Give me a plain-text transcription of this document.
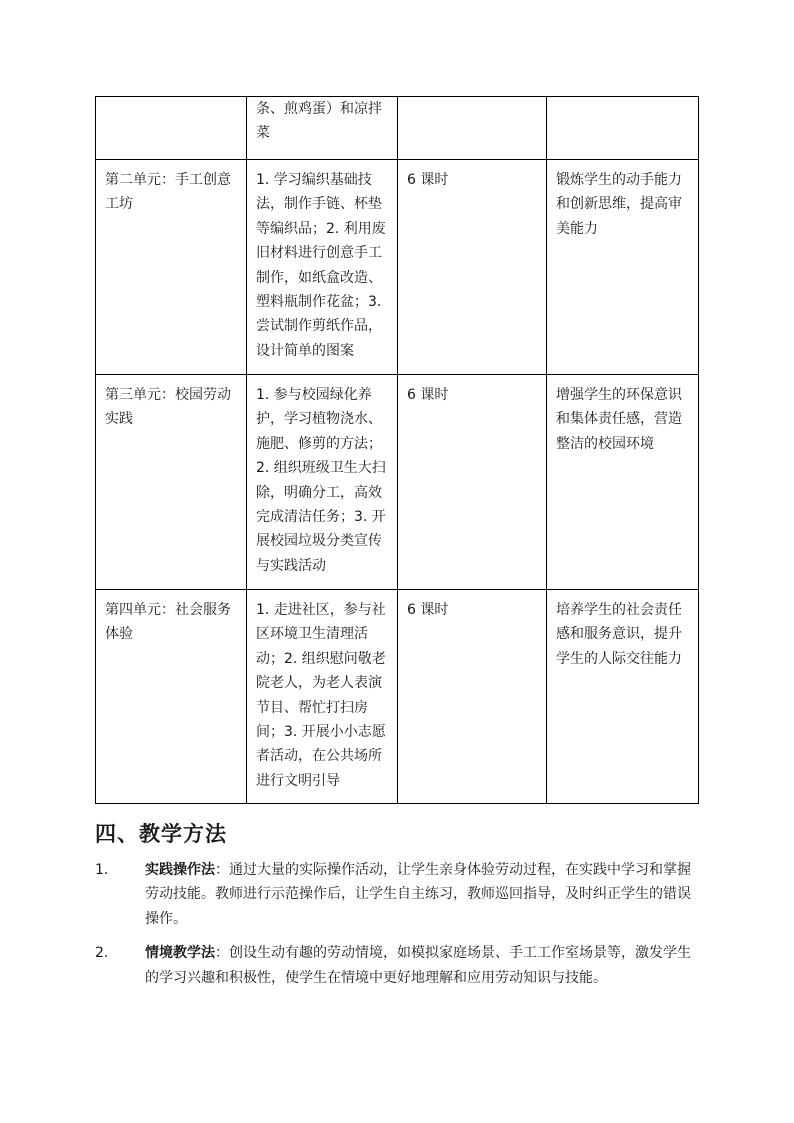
	条、煎鸡蛋）和凉拌菜		
第二单元：手工创意工坊	1. 学习编织基础技法，制作手链、杯垫等编织品；2. 利用废旧材料进行创意手工制作，如纸盒改造、塑料瓶制作花盆；3. 尝试制作剪纸作品，设计简单的图案	6 课时	锻炼学生的动手能力和创新思维，提高审美能力
第三单元：校园劳动实践	1. 参与校园绿化养护，学习植物浇水、施肥、修剪的方法；2. 组织班级卫生大扫除，明确分工，高效完成清洁任务；3. 开展校园垃圾分类宣传与实践活动	6 课时	增强学生的环保意识和集体责任感，营造整洁的校园环境
第四单元：社会服务体验	1. 走进社区，参与社区环境卫生清理活动；2. 组织慰问敬老院老人，为老人表演节目、帮忙打扫房间；3. 开展小小志愿者活动，在公共场所进行文明引导	6 课时	培养学生的社会责任感和服务意识，提升学生的人际交往能力
四、教学方法
1.	实践操作法：通过大量的实际操作活动，让学生亲身体验劳动过程，在实践中学习和掌握劳动技能。教师进行示范操作后，让学生自主练习，教师巡回指导，及时纠正学生的错误操作。
2.	情境教学法：创设生动有趣的劳动情境，如模拟家庭场景、手工工作室场景等，激发学生的学习兴趣和积极性，使学生在情境中更好地理解和应用劳动知识与技能。
